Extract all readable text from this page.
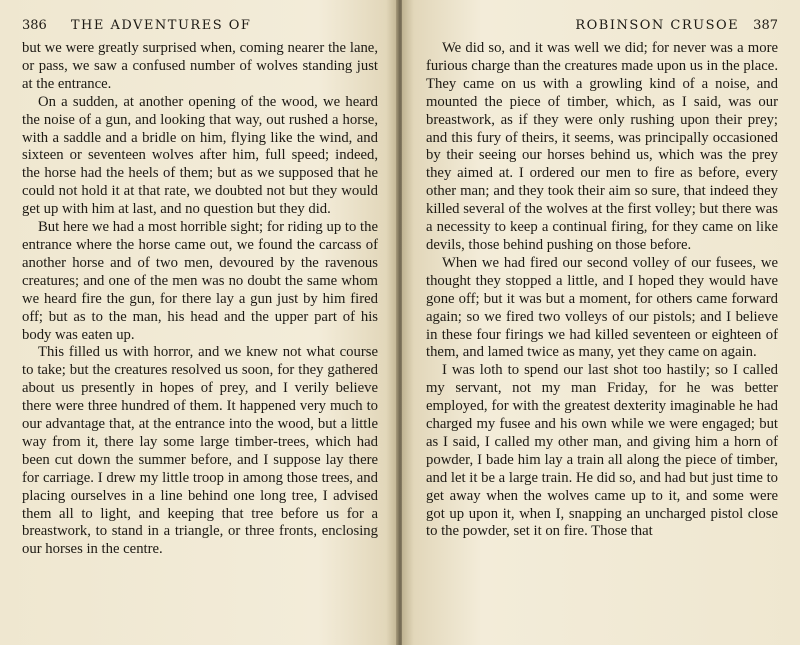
386	THE ADVENTURES OF

but we were greatly surprised when, coming nearer the lane, or pass, we saw a confused number of wolves standing just at the entrance.

On a sudden, at another opening of the wood, we heard the noise of a gun, and looking that way, out rushed a horse, with a saddle and a bridle on him, flying like the wind, and sixteen or seventeen wolves after him, full speed; indeed, the horse had the heels of them; but as we supposed that he could not hold it at that rate, we doubted not but they would get up with him at last, and no question but they did.

But here we had a most horrible sight; for riding up to the entrance where the horse came out, we found the carcass of another horse and of two men, devoured by the ravenous creatures; and one of the men was no doubt the same whom we heard fire the gun, for there lay a gun just by him fired off; but as to the man, his head and the upper part of his body was eaten up.

This filled us with horror, and we knew not what course to take; but the creatures resolved us soon, for they gathered about us presently in hopes of prey, and I verily believe there were three hundred of them. It happened very much to our advantage that, at the entrance into the wood, but a little way from it, there lay some large timber-trees, which had been cut down the summer before, and I suppose lay there for carriage. I drew my little troop in among those trees, and placing ourselves in a line behind one long tree, I advised them all to light, and keeping that tree before us for a breastwork, to stand in a triangle, or three fronts, enclosing our horses in the centre.

ROBINSON CRUSOE	387

We did so, and it was well we did; for never was a more furious charge than the creatures made upon us in the place. They came on us with a growling kind of a noise, and mounted the piece of timber, which, as I said, was our breastwork, as if they were only rushing upon their prey; and this fury of theirs, it seems, was principally occasioned by their seeing our horses behind us, which was the prey they aimed at. I ordered our men to fire as before, every other man; and they took their aim so sure, that indeed they killed several of the wolves at the first volley; but there was a necessity to keep a continual firing, for they came on like devils, those behind pushing on those before.

When we had fired our second volley of our fusees, we thought they stopped a little, and I hoped they would have gone off; but it was but a moment, for others came forward again; so we fired two volleys of our pistols; and I believe in these four firings we had killed seventeen or eighteen of them, and lamed twice as many, yet they came on again.

I was loth to spend our last shot too hastily; so I called my servant, not my man Friday, for he was better employed, for with the greatest dexterity imaginable he had charged my fusee and his own while we were engaged; but as I said, I called my other man, and giving him a horn of powder, I bade him lay a train all along the piece of timber, and let it be a large train. He did so, and had but just time to get away when the wolves came up to it, and some were got up upon it, when I, snapping an uncharged pistol close to the powder, set it on fire. Those that
